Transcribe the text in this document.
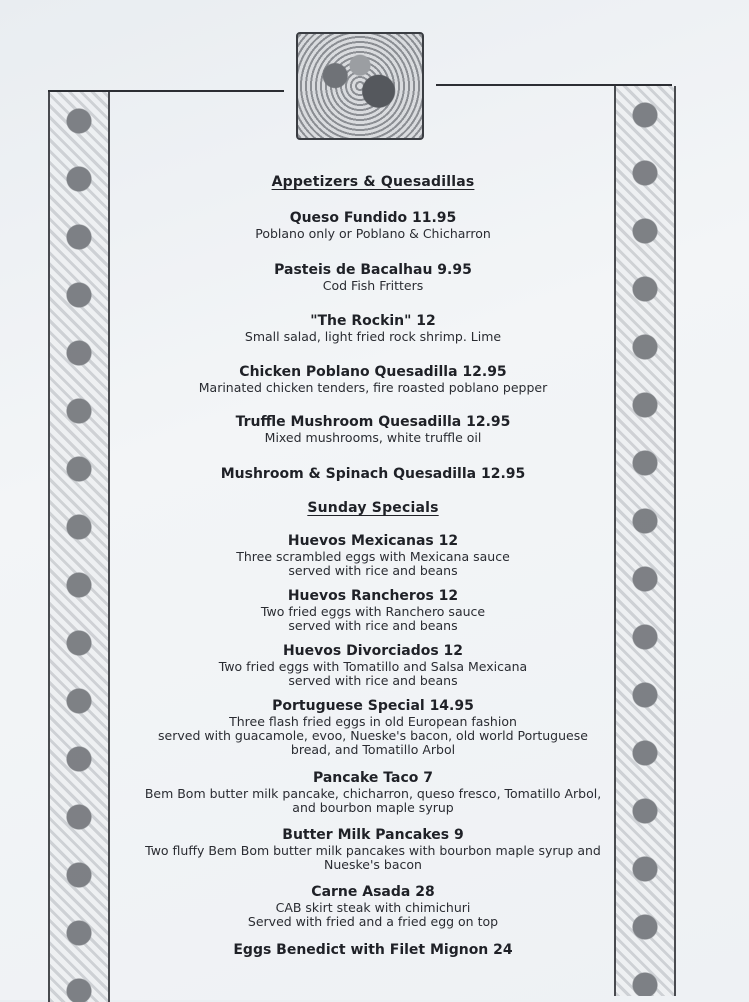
Appetizers & Quesadillas
Queso Fundido 11.95
Poblano only or Poblano & Chicharron
Pasteis de Bacalhau 9.95
Cod Fish Fritters
"The Rockin" 12
Small salad, light fried rock shrimp. Lime
Chicken Poblano Quesadilla 12.95
Marinated chicken tenders, fire roasted poblano pepper
Truffle Mushroom Quesadilla 12.95
Mixed mushrooms, white truffle oil
Mushroom & Spinach Quesadilla 12.95
Sunday Specials
Huevos Mexicanas 12
Three scrambled eggs with Mexicana sauce
served with rice and beans
Huevos Rancheros 12
Two fried eggs with Ranchero sauce
served with rice and beans
Huevos Divorciados 12
Two fried eggs with Tomatillo and Salsa Mexicana
served with rice and beans
Portuguese Special 14.95
Three flash fried eggs in old European fashion
served with guacamole, evoo, Nueske's bacon, old world Portuguese
bread, and Tomatillo Arbol
Pancake Taco 7
Bem Bom butter milk pancake, chicharron, queso fresco, Tomatillo Arbol,
and bourbon maple syrup
Butter Milk Pancakes 9
Two fluffy Bem Bom butter milk pancakes with bourbon maple syrup and
Nueske's bacon
Carne Asada 28
CAB skirt steak with chimichuri
Served with fried and a fried egg on top
Eggs Benedict with Filet Mignon 24
